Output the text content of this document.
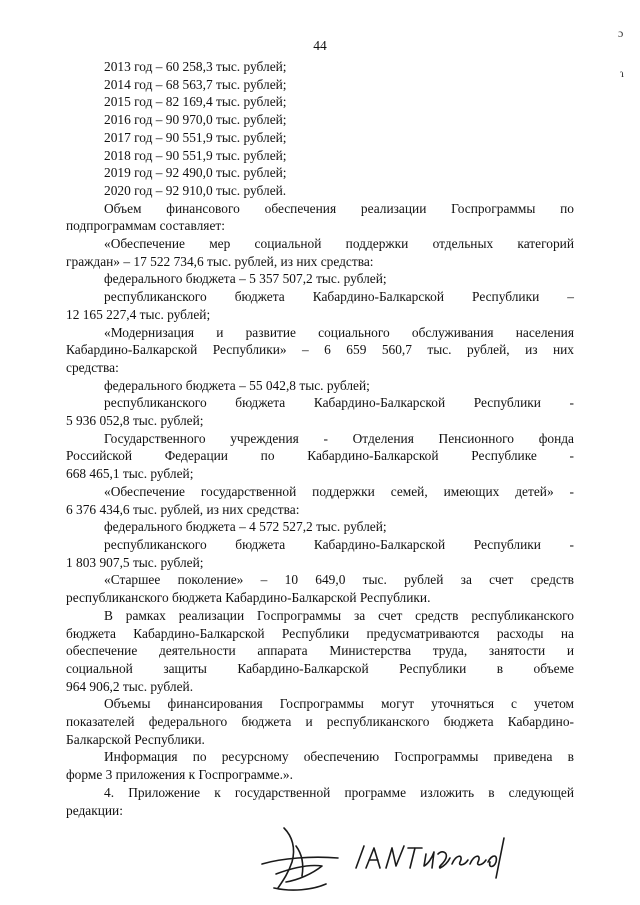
44
ɔ
ɿ
2013 год – 60 258,3 тыс. рублей;
2014 год – 68 563,7 тыс. рублей;
2015 год – 82 169,4 тыс. рублей;
2016 год – 90 970,0 тыс. рублей;
2017 год – 90 551,9 тыс. рублей;
2018 год – 90 551,9 тыс. рублей;
2019 год – 92 490,0 тыс. рублей;
2020 год – 92 910,0 тыс. рублей.
Объем финансового обеспечения реализации Госпрограммы по
подпрограммам составляет:
«Обеспечение мер социальной поддержки отдельных категорий
граждан» – 17 522 734,6 тыс. рублей, из них средства:
федерального бюджета – 5 357 507,2 тыс. рублей;
республиканского бюджета Кабардино-Балкарской Республики –
12 165 227,4 тыс. рублей;
«Модернизация и развитие социального обслуживания населения
Кабардино-Балкарской Республики» – 6 659 560,7 тыс. рублей, из них
средства:
федерального бюджета – 55 042,8 тыс. рублей;
республиканского бюджета Кабардино-Балкарской Республики -
5 936 052,8 тыс. рублей;
Государственного учреждения - Отделения Пенсионного фонда
Российской Федерации по Кабардино-Балкарской Республике -
668 465,1 тыс. рублей;
«Обеспечение государственной поддержки семей, имеющих детей» -
6 376 434,6 тыс. рублей, из них средства:
федерального бюджета – 4 572 527,2 тыс. рублей;
республиканского бюджета Кабардино-Балкарской Республики -
1 803 907,5 тыс. рублей;
«Старшее поколение» – 10 649,0 тыс. рублей за счет средств
республиканского бюджета Кабардино-Балкарской Республики.
В рамках реализации Госпрограммы за счет средств республиканского
бюджета Кабардино-Балкарской Республики предусматриваются расходы на
обеспечение деятельности аппарата Министерства труда, занятости и
социальной защиты Кабардино-Балкарской Республики в объеме
964 906,2 тыс. рублей.
Объемы финансирования Госпрограммы могут уточняться с учетом
показателей федерального бюджета и республиканского бюджета Кабардино-
Балкарской Республики.
Информация по ресурсному обеспечению Госпрограммы приведена в
форме 3 приложения к Госпрограмме.».
4. Приложение к государственной программе изложить в следующей
редакции:
